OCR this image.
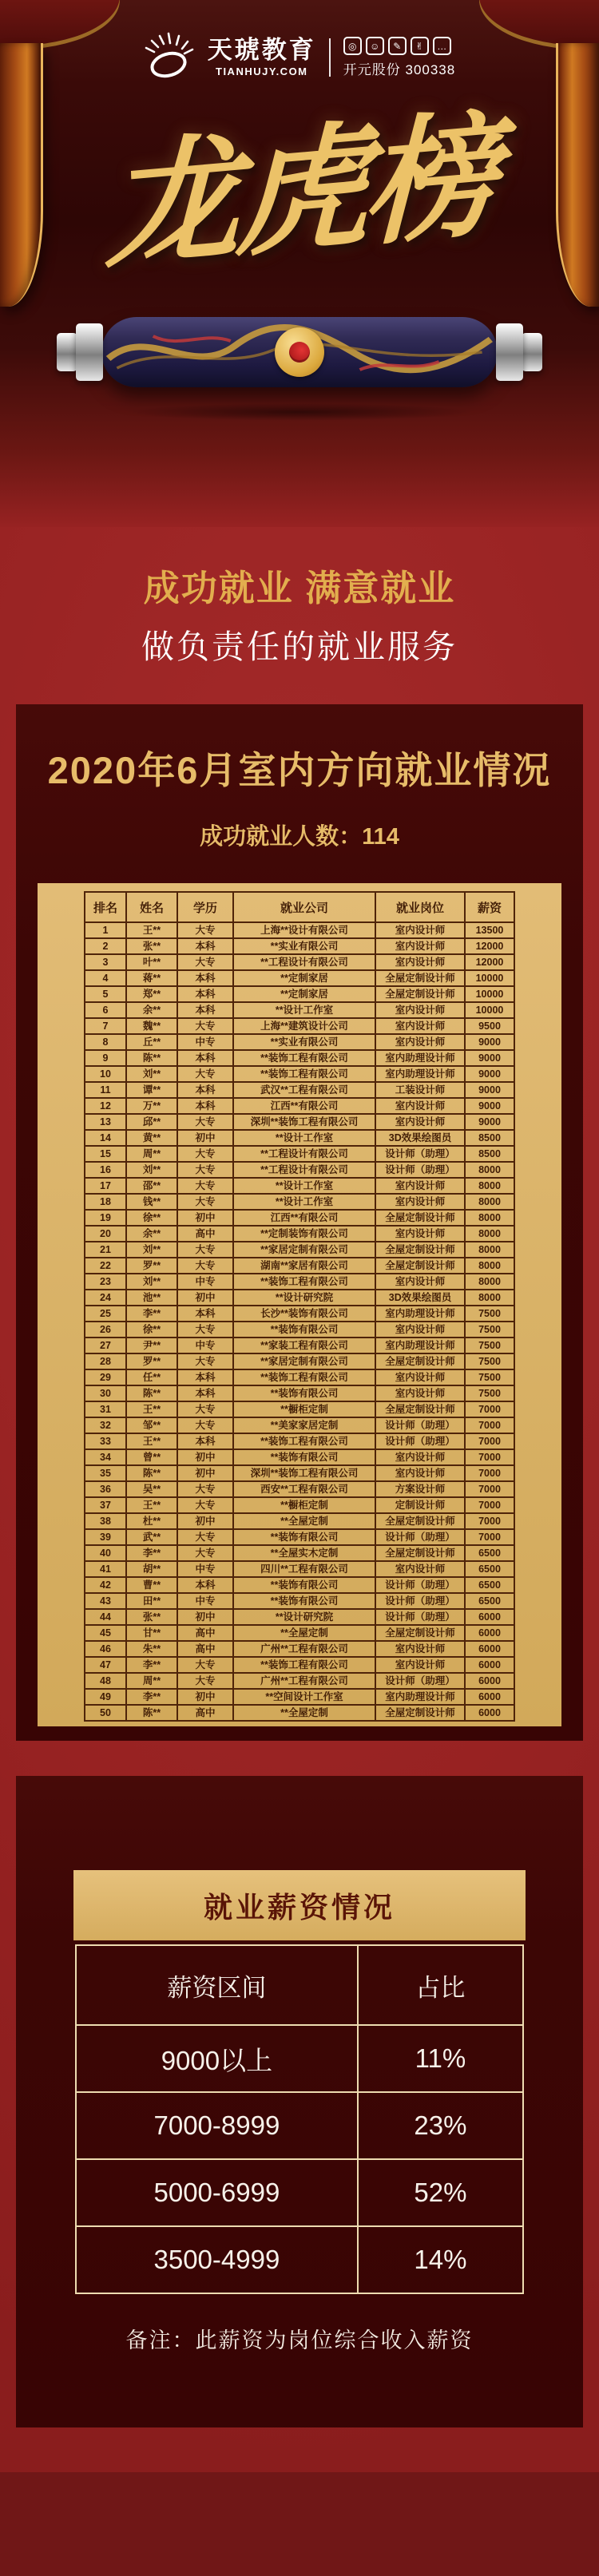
天琥教育
TIANHUJY.COM
◎	☺	✎	✌	…
开元股份 300338
龙虎榜
成功就业 满意就业
做负责任的就业服务
2020年6月室内方向就业情况
成功就业人数：114
排名	姓名	学历	就业公司	就业岗位	薪资
1	王**	大专	上海**设计有限公司	室内设计师	13500
2	张**	本科	**实业有限公司	室内设计师	12000
3	叶**	大专	**工程设计有限公司	室内设计师	12000
4	蒋**	本科	**定制家居	全屋定制设计师	10000
5	郑**	本科	**定制家居	全屋定制设计师	10000
6	余**	本科	**设计工作室	室内设计师	10000
7	魏**	大专	上海**建筑设计公司	室内设计师	9500
8	丘**	中专	**实业有限公司	室内设计师	9000
9	陈**	本科	**装饰工程有限公司	室内助理设计师	9000
10	刘**	大专	**装饰工程有限公司	室内助理设计师	9000
11	谭**	本科	武汉**工程有限公司	工装设计师	9000
12	万**	本科	江西**有限公司	室内设计师	9000
13	邱**	大专	深圳**装饰工程有限公司	室内设计师	9000
14	黄**	初中	**设计工作室	3D效果绘图员	8500
15	周**	大专	**工程设计有限公司	设计师（助理）	8500
16	刘**	大专	**工程设计有限公司	设计师（助理）	8000
17	邵**	大专	**设计工作室	室内设计师	8000
18	钱**	大专	**设计工作室	室内设计师	8000
19	徐**	初中	江西**有限公司	全屋定制设计师	8000
20	余**	高中	**定制装饰有限公司	室内设计师	8000
21	刘**	大专	**家居定制有限公司	全屋定制设计师	8000
22	罗**	大专	湖南**家居有限公司	全屋定制设计师	8000
23	刘**	中专	**装饰工程有限公司	室内设计师	8000
24	池**	初中	**设计研究院	3D效果绘图员	8000
25	李**	本科	长沙**装饰有限公司	室内助理设计师	7500
26	徐**	大专	**装饰有限公司	室内设计师	7500
27	尹**	中专	**家装工程有限公司	室内助理设计师	7500
28	罗**	大专	**家居定制有限公司	全屋定制设计师	7500
29	任**	本科	**装饰工程有限公司	室内设计师	7500
30	陈**	本科	**装饰有限公司	室内设计师	7500
31	王**	大专	**橱柜定制	全屋定制设计师	7000
32	邹**	大专	**美家家居定制	设计师（助理）	7000
33	王**	本科	**装饰工程有限公司	设计师（助理）	7000
34	曾**	初中	**装饰有限公司	室内设计师	7000
35	陈**	初中	深圳**装饰工程有限公司	室内设计师	7000
36	吴**	大专	西安**工程有限公司	方案设计师	7000
37	王**	大专	**橱柜定制	定制设计师	7000
38	杜**	初中	**全屋定制	全屋定制设计师	7000
39	武**	大专	**装饰有限公司	设计师（助理）	7000
40	李**	大专	**全屋实木定制	全屋定制设计师	6500
41	胡**	中专	四川**工程有限公司	室内设计师	6500
42	曹**	本科	**装饰有限公司	设计师（助理）	6500
43	田**	中专	**装饰有限公司	设计师（助理）	6500
44	张**	初中	**设计研究院	设计师（助理）	6000
45	甘**	高中	**全屋定制	全屋定制设计师	6000
46	朱**	高中	广州**工程有限公司	室内设计师	6000
47	李**	大专	**装饰工程有限公司	室内设计师	6000
48	周**	大专	广州**工程有限公司	设计师（助理）	6000
49	李**	初中	**空间设计工作室	室内助理设计师	6000
50	陈**	高中	**全屋定制	全屋定制设计师	6000
就业薪资情况
薪资区间	占比
9000以上	11%
7000-8999	23%
5000-6999	52%
3500-4999	14%
备注：此薪资为岗位综合收入薪资
